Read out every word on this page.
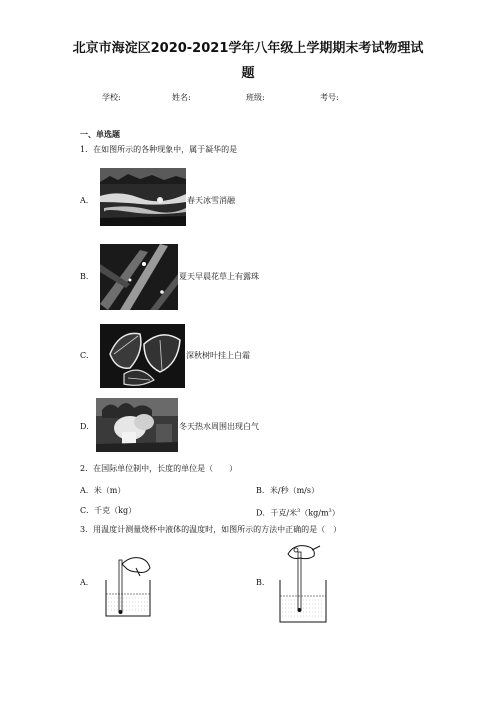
北京市海淀区2020-2021学年八年级上学期期末考试物理试
题
学校:	姓名:	班级:	考号:
一、单选题
1．在如图所示的各种现象中，属于凝华的是
A．	春天冰雪消融
B．	夏天早晨花草上有露珠
C．	深秋树叶挂上白霜
D．	冬天热水周围出现白气
2．在国际单位制中，长度的单位是（　　）
A．米（m）	B．米/秒（m/s）
C．千克（kg）	D．千克/米$^3(kg/m^3)$
3．用温度计测量烧杯中液体的温度时，如图所示的方法中正确的是（　）
A．	B．
